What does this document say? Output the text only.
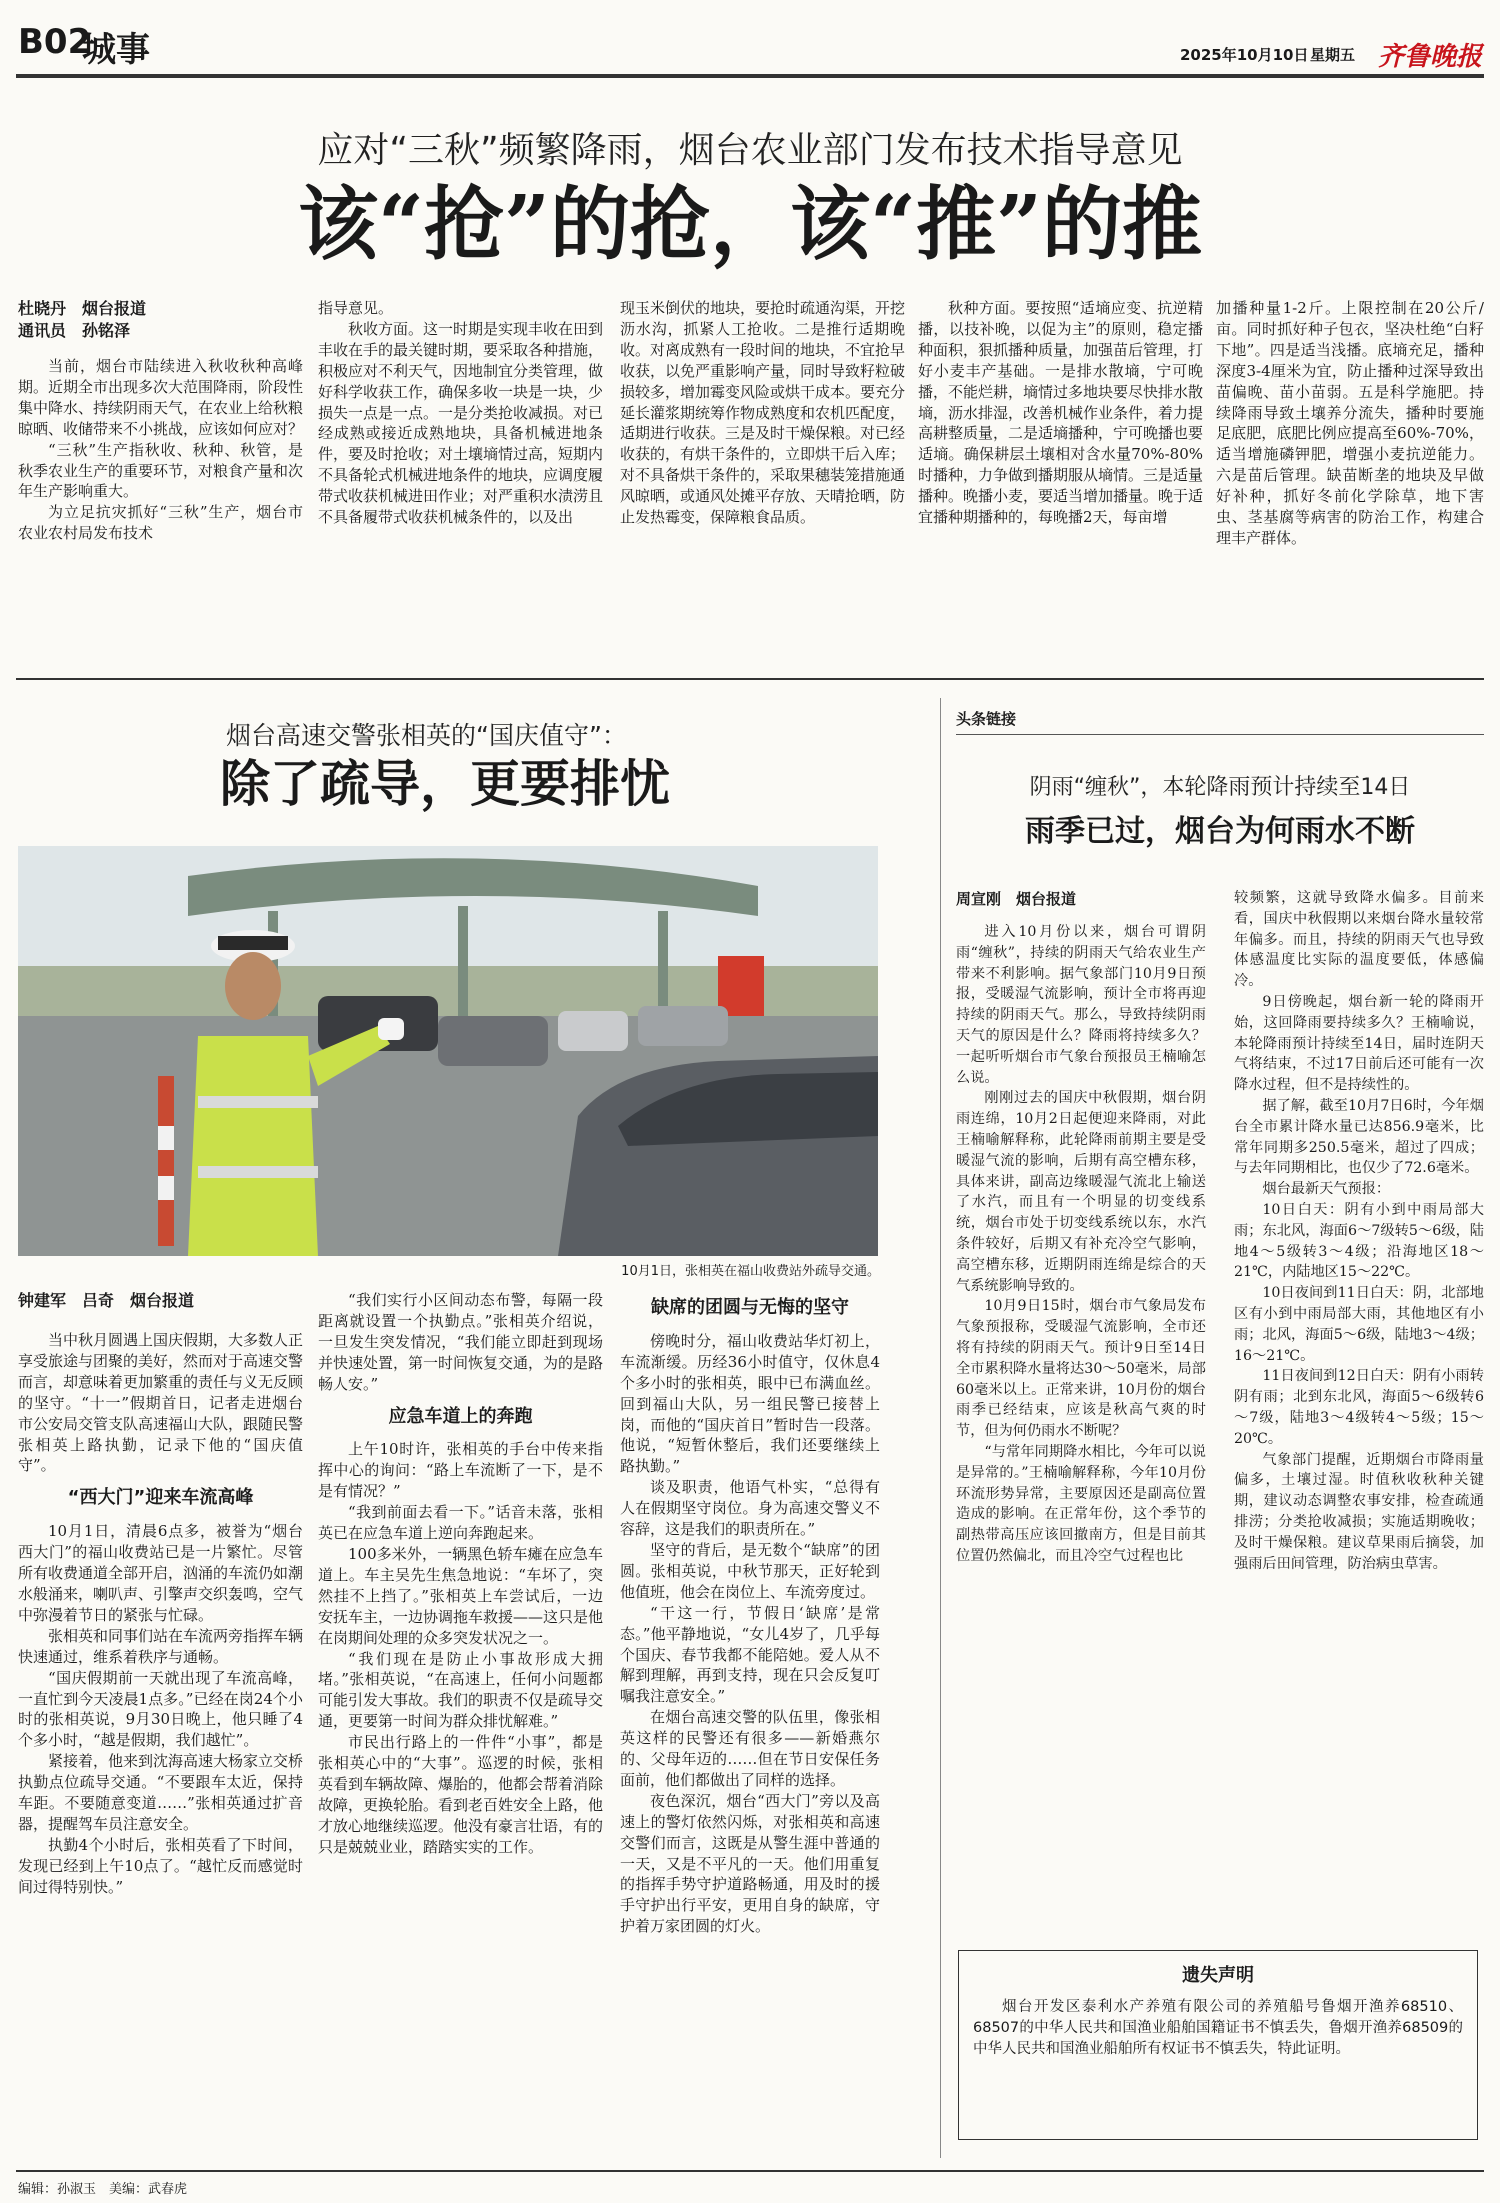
B02
城事	2025年10月10日 星期五 齐鲁晚报
应对“三秋”频繁降雨，烟台农业部门发布技术指导意见
该“抢”的抢，该“推”的推
杜晓丹　烟台报道
通讯员　孙铭泽

当前，烟台市陆续进入秋收秋种高峰期。近期全市出现多次大范围降雨，阶段性集中降水、持续阴雨天气，在农业上给秋粮晾晒、收储带来不小挑战，应该如何应对？

“三秋”生产指秋收、秋种、秋管，是秋季农业生产的重要环节，对粮食产量和次年生产影响重大。

为立足抗灾抓好“三秋”生产，烟台市农业农村局发布技术

指导意见。

秋收方面。这一时期是实现丰收在田到丰收在手的最关键时期，要采取各种措施，积极应对不利天气，因地制宜分类管理，做好科学收获工作，确保多收一块是一块，少损失一点是一点。一是分类抢收减损。对已经成熟或接近成熟地块，具备机械进地条件，要及时抢收；对土壤墒情过高，短期内不具备轮式机械进地条件的地块，应调度履带式收获机械进田作业；对严重积水渍涝且不具备履带式收获机械条件的，以及出

现玉米倒伏的地块，要抢时疏通沟渠，开挖沥水沟，抓紧人工抢收。二是推行适期晚收。对离成熟有一段时间的地块，不宜抢早收获，以免严重影响产量，同时导致籽粒破损较多，增加霉变风险或烘干成本。要充分延长灌浆期统筹作物成熟度和农机匹配度，适期进行收获。三是及时干燥保粮。对已经收获的，有烘干条件的，立即烘干后入库；对不具备烘干条件的，采取果穗装笼措施通风晾晒，或通风处摊平存放、天晴抢晒，防止发热霉变，保障粮食品质。

秋种方面。要按照“适墒应变、抗逆精播，以技补晚，以促为主”的原则，稳定播种面积，狠抓播种质量，加强苗后管理，打好小麦丰产基础。一是排水散墒，宁可晚播，不能烂耕，墒情过多地块要尽快排水散墒，沥水排湿，改善机械作业条件，着力提高耕整质量，二是适墒播种，宁可晚播也要适墒。确保耕层土壤相对含水量70%-80%时播种，力争做到播期服从墒情。三是适量播种。晚播小麦，要适当增加播量。晚于适宜播种期播种的，每晚播2天，每亩增

加播种量1-2斤。上限控制在20公斤/亩。同时抓好种子包衣，坚决杜绝“白籽下地”。四是适当浅播。底墒充足，播种深度3-4厘米为宜，防止播种过深导致出苗偏晚、苗小苗弱。五是科学施肥。持续降雨导致土壤养分流失，播种时要施足底肥，底肥比例应提高至60%-70%，适当增施磷钾肥，增强小麦抗逆能力。六是苗后管理。缺苗断垄的地块及早做好补种，抓好冬前化学除草，地下害虫、茎基腐等病害的防治工作，构建合理丰产群体。

烟台高速交警张相英的“国庆值守”：
除了疏导，更要排忧
10月1日，张相英在福山收费站外疏导交通。
钟建军　吕奇　烟台报道

当中秋月圆遇上国庆假期，大多数人正享受旅途与团聚的美好，然而对于高速交警而言，却意味着更加繁重的责任与义无反顾的坚守。“十一”假期首日，记者走进烟台市公安局交管支队高速福山大队，跟随民警张相英上路执勤，记录下他的“国庆值守”。

“西大门”迎来车流高峰

10月1日，清晨6点多，被誉为“烟台西大门”的福山收费站已是一片繁忙。尽管所有收费通道全部开启，汹涌的车流仍如潮水般涌来，喇叭声、引擎声交织轰鸣，空气中弥漫着节日的紧张与忙碌。

张相英和同事们站在车流两旁指挥车辆快速通过，维系着秩序与通畅。

“国庆假期前一天就出现了车流高峰，一直忙到今天凌晨1点多。”已经在岗24个小时的张相英说，9月30日晚上，他只睡了4个多小时，“越是假期，我们越忙”。

紧接着，他来到沈海高速大杨家立交桥执勤点位疏导交通。“不要跟车太近，保持车距。不要随意变道……”张相英通过扩音器，提醒驾车员注意安全。

执勤4个小时后，张相英看了下时间，发现已经到上午10点了。“越忙反而感觉时间过得特别快。”

“我们实行小区间动态布警，每隔一段距离就设置一个执勤点。”张相英介绍说，一旦发生突发情况，“我们能立即赶到现场并快速处置，第一时间恢复交通，为的是路畅人安。”

应急车道上的奔跑

上午10时许，张相英的手台中传来指挥中心的询问：“路上车流断了一下，是不是有情况？”

“我到前面去看一下。”话音未落，张相英已在应急车道上逆向奔跑起来。

100多米外，一辆黑色轿车瘫在应急车道上。车主吴先生焦急地说：“车坏了，突然挂不上挡了。”张相英上车尝试后，一边安抚车主，一边协调拖车救援——这只是他在岗期间处理的众多突发状况之一。

“我们现在是防止小事故形成大拥堵。”张相英说，“在高速上，任何小问题都可能引发大事故。我们的职责不仅是疏导交通，更要第一时间为群众排忧解难。”

市民出行路上的一件件“小事”，都是张相英心中的“大事”。巡逻的时候，张相英看到车辆故障、爆胎的，他都会帮着消除故障，更换轮胎。看到老百姓安全上路，他才放心地继续巡逻。他没有豪言壮语，有的只是兢兢业业，踏踏实实的工作。

缺席的团圆与无悔的坚守

傍晚时分，福山收费站华灯初上，车流渐缓。历经36小时值守，仅休息4个多小时的张相英，眼中已布满血丝。回到福山大队，另一组民警已接替上岗，而他的“国庆首日”暂时告一段落。他说，“短暂休整后，我们还要继续上路执勤。”

谈及职责，他语气朴实，“总得有人在假期坚守岗位。身为高速交警义不容辞，这是我们的职责所在。”

坚守的背后，是无数个“缺席”的团圆。张相英说，中秋节那天，正好轮到他值班，他会在岗位上、车流旁度过。

“干这一行，节假日‘缺席’是常态。”他平静地说，“女儿4岁了，几乎每个国庆、春节我都不能陪她。爱人从不解到理解，再到支持，现在只会反复叮嘱我注意安全。”

在烟台高速交警的队伍里，像张相英这样的民警还有很多——新婚燕尔的、父母年迈的……但在节日安保任务面前，他们都做出了同样的选择。

夜色深沉，烟台“西大门”旁以及高速上的警灯依然闪烁，对张相英和高速交警们而言，这既是从警生涯中普通的一天，又是不平凡的一天。他们用重复的指挥手势守护道路畅通，用及时的援手守护出行平安，更用自身的缺席，守护着万家团圆的灯火。

头条链接
阴雨“缠秋”，本轮降雨预计持续至14日
雨季已过，烟台为何雨水不断
周宣刚　烟台报道

进入10月份以来，烟台可谓阴雨“缠秋”，持续的阴雨天气给农业生产带来不利影响。据气象部门10月9日预报，受暖湿气流影响，预计全市将再迎持续的阴雨天气。那么，导致持续阴雨天气的原因是什么？降雨将持续多久？一起听听烟台市气象台预报员王楠喻怎么说。

刚刚过去的国庆中秋假期，烟台阴雨连绵，10月2日起便迎来降雨，对此王楠喻解释称，此轮降雨前期主要是受暖湿气流的影响，后期有高空槽东移，具体来讲，副高边缘暖湿气流北上输送了水汽，而且有一个明显的切变线系统，烟台市处于切变线系统以东，水汽条件较好，后期又有补充冷空气影响，高空槽东移，近期阴雨连绵是综合的天气系统影响导致的。

10月9日15时，烟台市气象局发布气象预报称，受暖湿气流影响，全市还将有持续的阴雨天气。预计9日至14日全市累积降水量将达30～50毫米，局部60毫米以上。正常来讲，10月份的烟台雨季已经结束，应该是秋高气爽的时节，但为何仍雨水不断呢？

“与常年同期降水相比，今年可以说是异常的。”王楠喻解释称，今年10月份环流形势异常，主要原因还是副高位置造成的影响。在正常年份，这个季节的副热带高压应该回撤南方，但是目前其位置仍然偏北，而且冷空气过程也比

较频繁，这就导致降水偏多。目前来看，国庆中秋假期以来烟台降水量较常年偏多。而且，持续的阴雨天气也导致体感温度比实际的温度要低，体感偏冷。

9日傍晚起，烟台新一轮的降雨开始，这回降雨要持续多久？王楠喻说，本轮降雨预计持续至14日，届时连阴天气将结束，不过17日前后还可能有一次降水过程，但不是持续性的。

据了解，截至10月7日6时，今年烟台全市累计降水量已达856.9毫米，比常年同期多250.5毫米，超过了四成；与去年同期相比，也仅少了72.6毫米。

烟台最新天气预报：

10日白天：阴有小到中雨局部大雨；东北风，海面6～7级转5～6级，陆地4～5级转3～4级；沿海地区18～21℃，内陆地区15～22℃。

10日夜间到11日白天：阴，北部地区有小到中雨局部大雨，其他地区有小雨；北风，海面5～6级，陆地3～4级；16～21℃。

11日夜间到12日白天：阴有小雨转阴有雨；北到东北风，海面5～6级转6～7级，陆地3～4级转4～5级；15～20℃。

气象部门提醒，近期烟台市降雨量偏多，土壤过湿。时值秋收秋种关键期，建议动态调整农事安排，检查疏通排涝；分类抢收减损；实施适期晚收；及时干燥保粮。建议草果雨后摘袋，加强雨后田间管理，防治病虫草害。

遗失声明
烟台开发区泰利水产养殖有限公司的养殖船号鲁烟开渔养68510、68507的中华人民共和国渔业船舶国籍证书不慎丢失，鲁烟开渔养68509的中华人民共和国渔业船舶所有权证书不慎丢失，特此证明。
编辑：孙淑玉　美编：武春虎
